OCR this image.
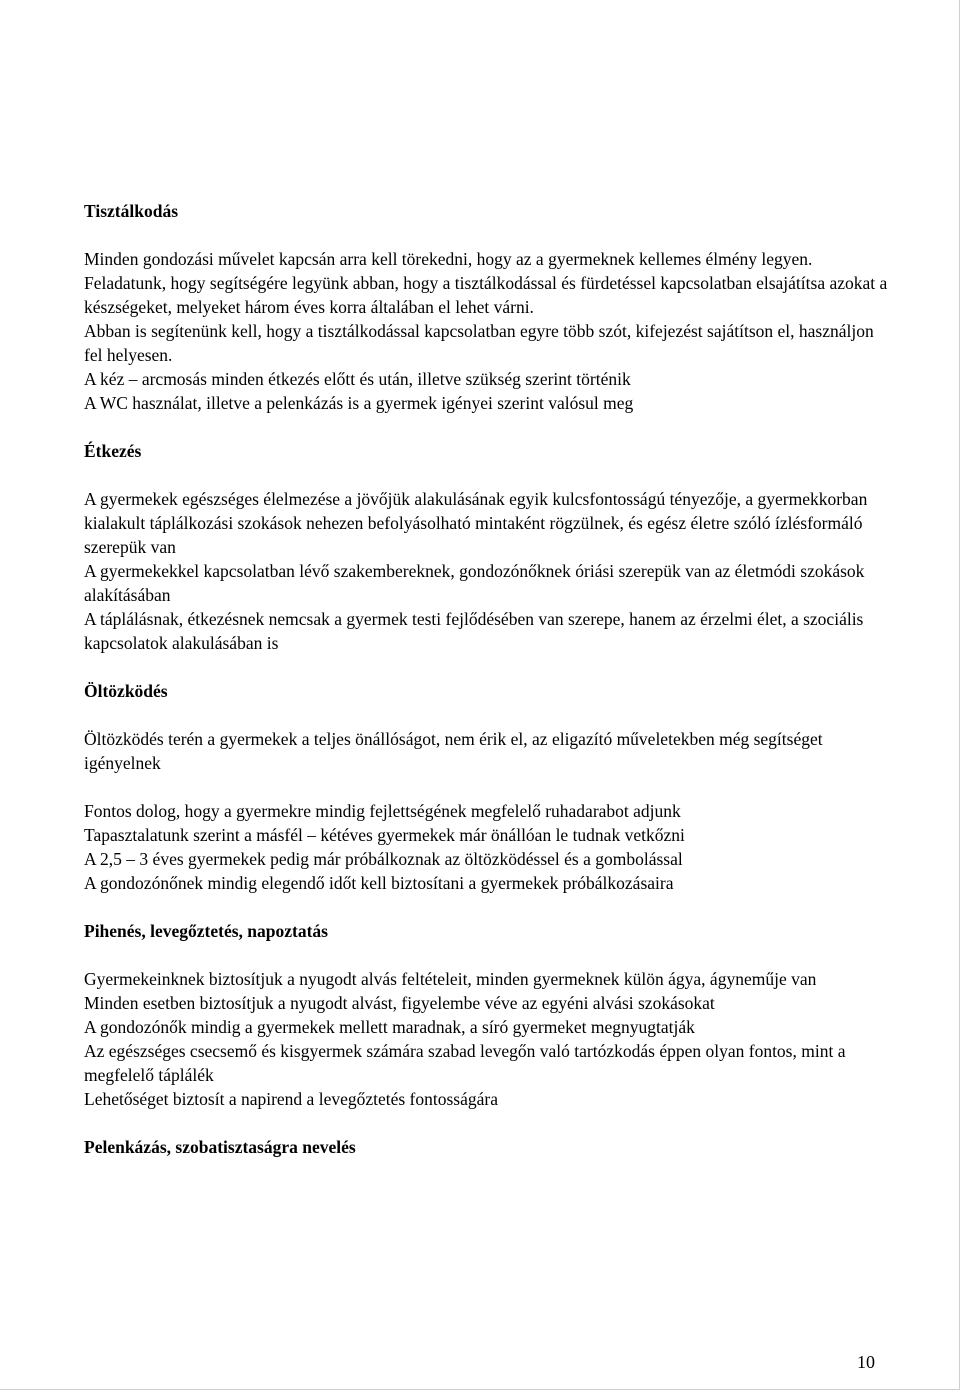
Tisztálkodás

Minden gondozási művelet kapcsán arra kell törekedni, hogy az a gyermeknek kellemes élmény legyen.

Feladatunk, hogy segítségére legyünk abban, hogy a tisztálkodással és fürdetéssel kapcsolatban elsajátítsa azokat a készségeket, melyeket három éves korra általában el lehet várni.

Abban is segítenünk kell, hogy a tisztálkodással kapcsolatban egyre több szót, kifejezést sajátítson el, használjon fel helyesen.

A kéz – arcmosás minden étkezés előtt és után, illetve szükség szerint történik

A WC használat, illetve a pelenkázás is a gyermek igényei szerint valósul meg

Étkezés

A gyermekek egészséges élelmezése a jövőjük alakulásának egyik kulcsfontosságú tényezője, a gyermekkorban kialakult táplálkozási szokások nehezen befolyásolható mintaként rögzülnek, és egész életre szóló ízlésformáló szerepük van

A gyermekekkel kapcsolatban lévő szakembereknek, gondozónőknek óriási szerepük van az életmódi szokások alakításában

A táplálásnak, étkezésnek nemcsak a gyermek testi fejlődésében van szerepe, hanem az érzelmi élet, a szociális kapcsolatok alakulásában is

Öltözködés

Öltözködés terén a gyermekek a teljes önállóságot, nem érik el, az eligazító műveletekben még segítséget igényelnek

Fontos dolog, hogy a gyermekre mindig fejlettségének megfelelő ruhadarabot adjunk

Tapasztalatunk szerint a másfél – kétéves gyermekek már önállóan le tudnak vetkőzni

A 2,5 – 3 éves gyermekek pedig már próbálkoznak az öltözködéssel és a gombolással

A gondozónőnek mindig elegendő időt kell biztosítani a gyermekek próbálkozásaira

Pihenés, levegőztetés, napoztatás

Gyermekeinknek biztosítjuk a nyugodt alvás feltételeit, minden gyermeknek külön ágya, ágyneműje van

Minden esetben biztosítjuk a nyugodt alvást, figyelembe véve az egyéni alvási szokásokat

A gondozónők mindig a gyermekek mellett maradnak, a síró gyermeket megnyugtatják

Az egészséges csecsemő és kisgyermek számára szabad levegőn való tartózkodás éppen olyan fontos, mint a megfelelő táplálék

Lehetőséget biztosít a napirend a levegőztetés fontosságára

Pelenkázás, szobatisztaságra nevelés

10
